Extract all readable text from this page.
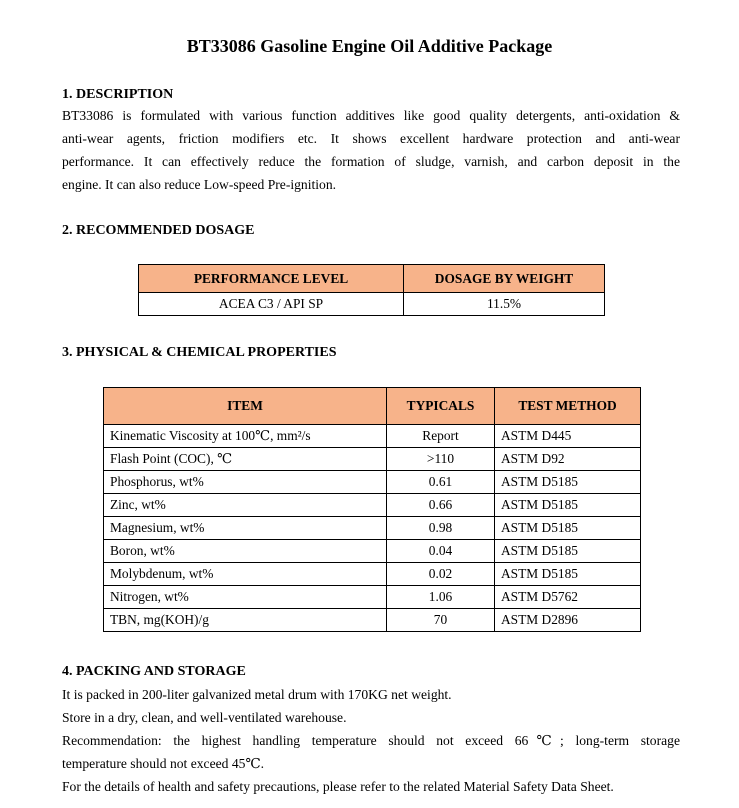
BT33086 Gasoline Engine Oil Additive Package
1. DESCRIPTION
BT33086 is formulated with various function additives like good quality detergents, anti-oxidation &
anti-wear agents, friction modifiers etc. It shows excellent hardware protection and anti-wear
performance. It can effectively reduce the formation of sludge, varnish, and carbon deposit in the
engine. It can also reduce Low-speed Pre-ignition.
2. RECOMMENDED DOSAGE
PERFORMANCE LEVEL	DOSAGE BY WEIGHT
ACEA C3 / API SP	11.5%
3. PHYSICAL & CHEMICAL PROPERTIES
ITEM	TYPICALS	TEST METHOD
Kinematic Viscosity at 100℃, mm²/s	Report	ASTM D445
Flash Point (COC), ℃	>110	ASTM D92
Phosphorus, wt%	0.61	ASTM D5185
Zinc, wt%	0.66	ASTM D5185
Magnesium, wt%	0.98	ASTM D5185
Boron, wt%	0.04	ASTM D5185
Molybdenum, wt%	0.02	ASTM D5185
Nitrogen, wt%	1.06	ASTM D5762
TBN, mg(KOH)/g	70	ASTM D2896
4. PACKING AND STORAGE
It is packed in 200-liter galvanized metal drum with 170KG net weight.
Store in a dry, clean, and well-ventilated warehouse.
Recommendation: the highest handling temperature should not exceed 66℃; long-term storage
temperature should not exceed 45℃.
For the details of health and safety precautions, please refer to the related Material Safety Data Sheet.
